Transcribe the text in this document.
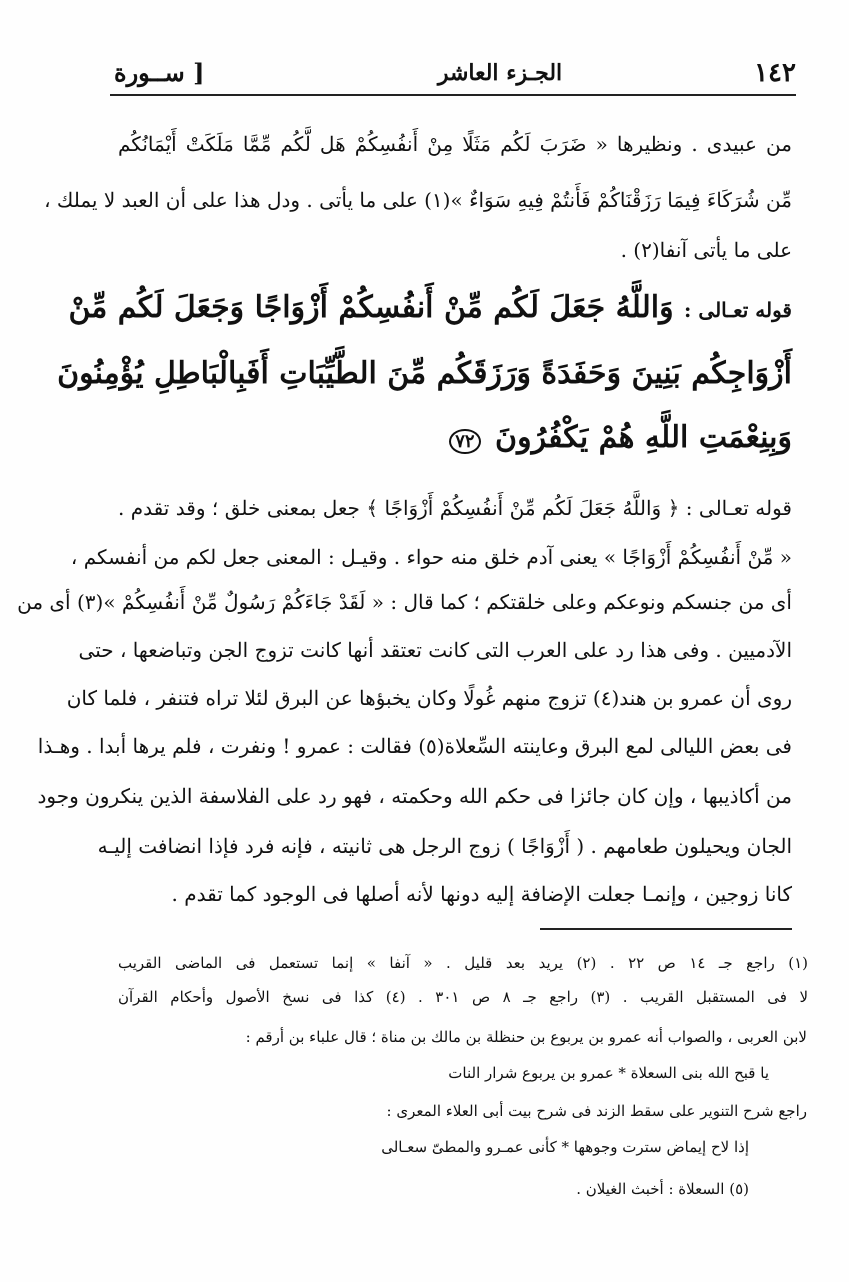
١٤٢
الجـزء العاشر
[ ســورة
من عبيدى . ونظيرها « ضَرَبَ لَكُم مَثَلًا مِنْ أَنفُسِكُمْ هَل لَّكُم مِّمَّا مَلَكَتْ أَيْمَانُكُم
مِّن شُرَكَاءَ فِيمَا رَزَقْنَاكُمْ فَأَنتُمْ فِيهِ سَوَاءٌ »(١) على ما يأتى . ودل هذا على أن العبد لا يملك ،
على ما يأتى آنفا(٢) .
قوله تعـالى : وَاللَّهُ جَعَلَ لَكُم مِّنْ أَنفُسِكُمْ أَزْوَاجًا وَجَعَلَ لَكُم مِّنْ
أَزْوَاجِكُم بَنِينَ وَحَفَدَةً وَرَزَقَكُم مِّنَ الطَّيِّبَاتِ أَفَبِالْبَاطِلِ يُؤْمِنُونَ
وَبِنِعْمَتِ اللَّهِ هُمْ يَكْفُرُونَ ٧٢
قوله تعـالى : ﴿ وَاللَّهُ جَعَلَ لَكُم مِّنْ أَنفُسِكُمْ أَزْوَاجًا ﴾ جعل بمعنى خلق ؛ وقد تقدم .
« مِّنْ أَنفُسِكُمْ أَزْوَاجًا » يعنى آدم خلق منه حواء . وقيـل : المعنى جعل لكم من أنفسكم ،
أى من جنسكم ونوعكم وعلى خلقتكم ؛ كما قال : « لَقَدْ جَاءَكُمْ رَسُولٌ مِّنْ أَنفُسِكُمْ »(٣) أى من
الآدميين . وفى هذا رد على العرب التى كانت تعتقد أنها كانت تزوج الجن وتباضعها ، حتى
روى أن عمرو بن هند(٤) تزوج منهم غُولًا وكان يخبؤها عن البرق لئلا تراه فتنفر ، فلما كان
فى بعض الليالى لمع البرق وعاينته السِّعلاة(٥) فقالت : عمرو ! ونفرت ، فلم يرها أبدا . وهـذا
من أكاذيبها ، وإن كان جائزا فى حكم الله وحكمته ، فهو رد على الفلاسفة الذين ينكرون وجود
الجان ويحيلون طعامهم . ( أَزْوَاجًا ) زوج الرجل هى ثانيته ، فإنه فرد فإذا انضافت إليـه
كانا زوجين ، وإنمـا جعلت الإضافة إليه دونها لأنه أصلها فى الوجود كما تقدم .
(١) راجع جـ ١٤ ص ٢٢ . (٢) يريد بعد قليل . « آنفا » إنما تستعمل فى الماضى القريب
لا فى المستقبل القريب . (٣) راجع جـ ٨ ص ٣٠١ . (٤) كذا فى نسخ الأصول وأحكام القرآن
لابن العربى ، والصواب أنه عمرو بن يربوع بن حنظلة بن مالك بن مناة ؛ قال علباء بن أرقم :
يا قبح الله بنى السعلاة * عمرو بن يربوع شرار النات
راجع شرح التنوير على سقط الزند فى شرح بيت أبى العلاء المعرى :
إذا لاح إيماض سترت وجوهها * كأنى عمـرو والمطىّ سعـالى
(٥) السعلاة : أخبث الغيلان .
